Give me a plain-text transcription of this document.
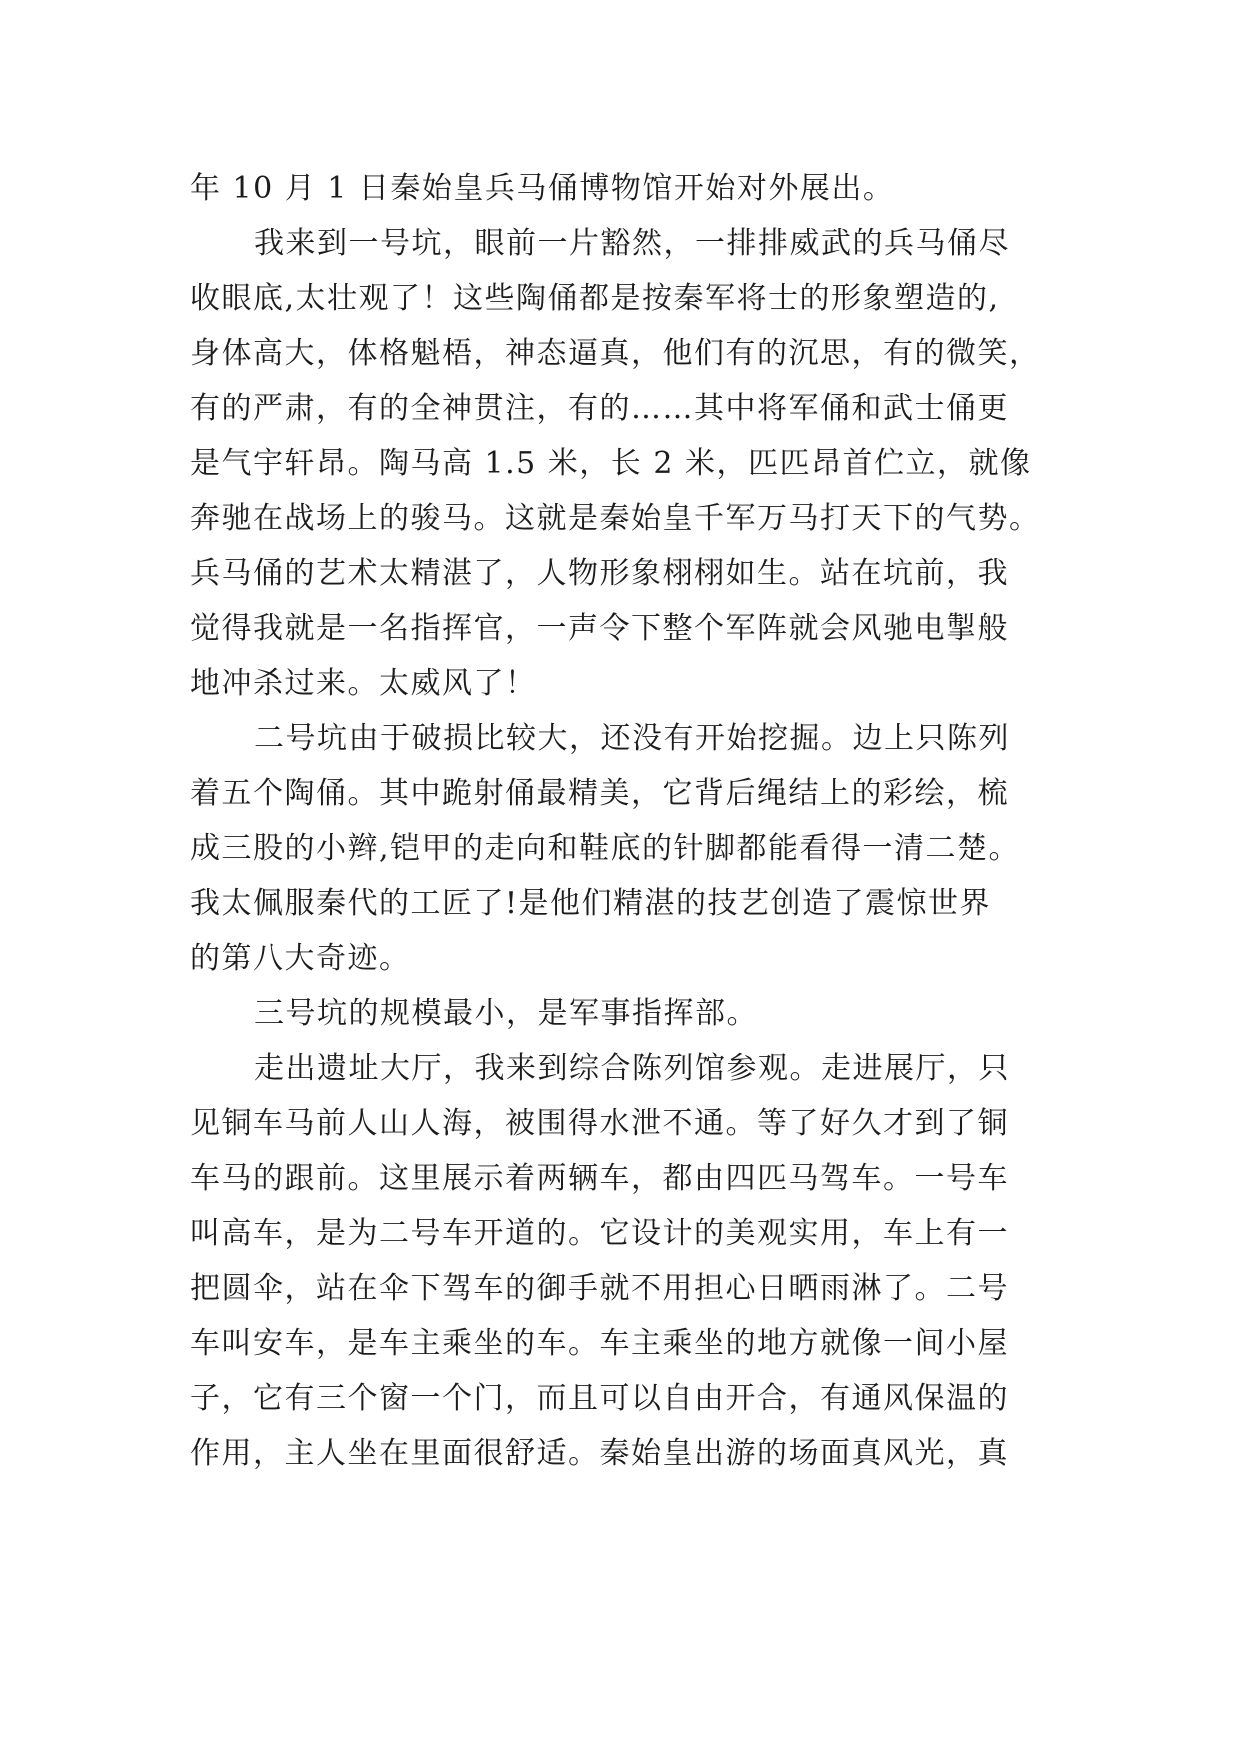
年 10 月 1 日秦始皇兵马俑博物馆开始对外展出。
我来到一号坑，眼前一片豁然，一排排威武的兵马俑尽
收眼底,太壮观了！这些陶俑都是按秦军将士的形象塑造的,
身体高大，体格魁梧，神态逼真，他们有的沉思，有的微笑，
有的严肃，有的全神贯注，有的……其中将军俑和武士俑更
是气宇轩昂。陶马高 1.5 米，长 2 米，匹匹昂首伫立，就像
奔驰在战场上的骏马。这就是秦始皇千军万马打天下的气势。
兵马俑的艺术太精湛了，人物形象栩栩如生。站在坑前，我
觉得我就是一名指挥官，一声令下整个军阵就会风驰电掣般
地冲杀过来。太威风了！
二号坑由于破损比较大，还没有开始挖掘。边上只陈列
着五个陶俑。其中跪射俑最精美，它背后绳结上的彩绘，梳
成三股的小辫,铠甲的走向和鞋底的针脚都能看得一清二楚。
我太佩服秦代的工匠了!是他们精湛的技艺创造了震惊世界
的第八大奇迹。
三号坑的规模最小，是军事指挥部。
走出遗址大厅，我来到综合陈列馆参观。走进展厅，只
见铜车马前人山人海，被围得水泄不通。等了好久才到了铜
车马的跟前。这里展示着两辆车，都由四匹马驾车。一号车
叫高车，是为二号车开道的。它设计的美观实用，车上有一
把圆伞，站在伞下驾车的御手就不用担心日晒雨淋了。二号
车叫安车，是车主乘坐的车。车主乘坐的地方就像一间小屋
子，它有三个窗一个门，而且可以自由开合，有通风保温的
作用，主人坐在里面很舒适。秦始皇出游的场面真风光，真
